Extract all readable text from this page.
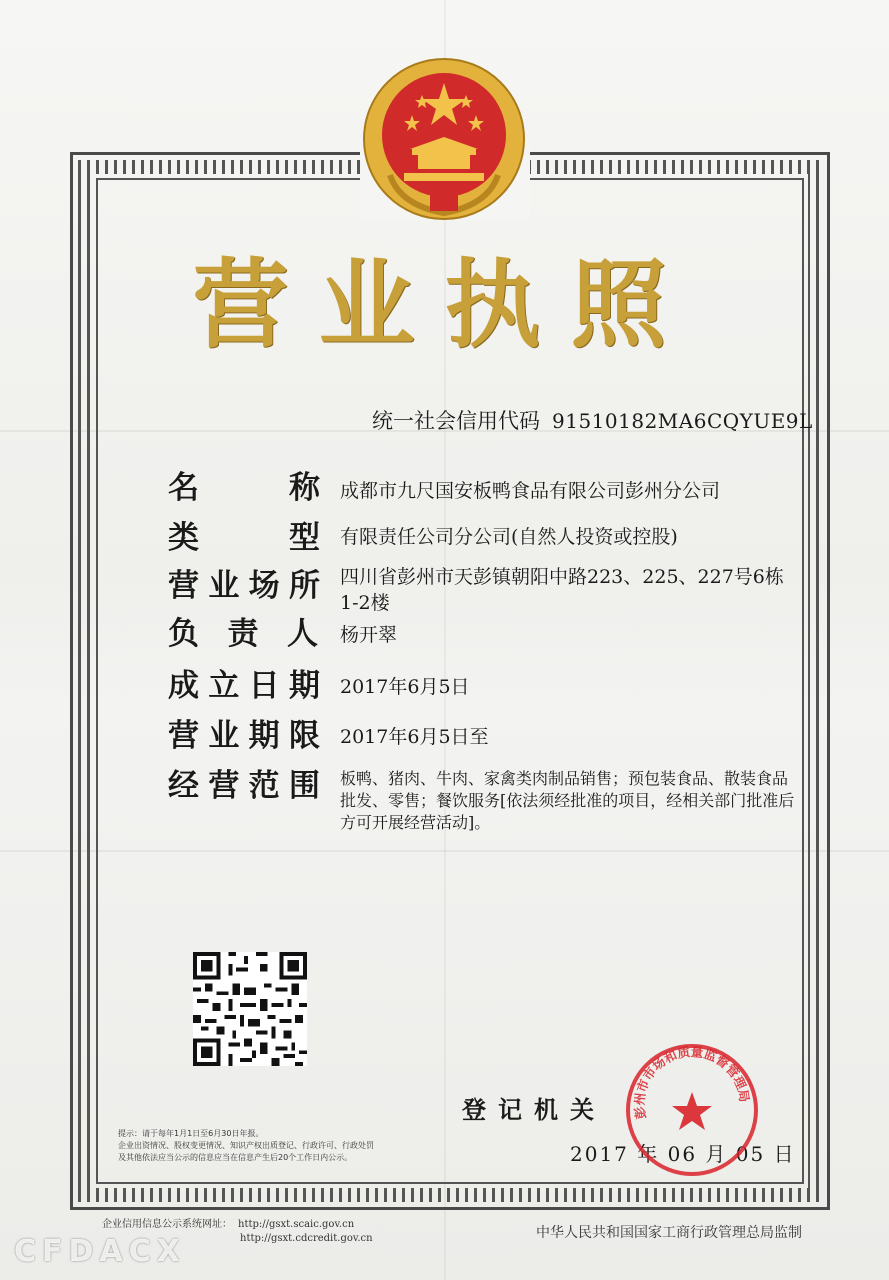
营业执照
统一社会信用代码 91510182MA6CQYUE9L
名	称 成都市九尺国安板鸭食品有限公司彭州分公司
类	型 有限责任公司分公司(自然人投资或控股)
营 业 场 所 四川省彭州市天彭镇朝阳中路223、225、227号6栋1-2楼
负 责 人 杨开翠
成 立 日 期 2017年6月5日
营 业 期 限 2017年6月5日至
经 营 范 围 板鸭、猪肉、牛肉、家禽类肉制品销售；预包装食品、散装食品批发、零售；餐饮服务[依法须经批准的项目，经相关部门批准后方可开展经营活动]。
登记机关
2017 年 06 月 05 日
彭州市市场和质量监督管理局
提示：请于每年1月1日至6月30日年报。
企业出资情况、股权变更情况、知识产权出质登记、行政许可、行政处罚
及其他依法应当公示的信息应当在信息产生后20个工作日内公示。
企业信用信息公示系统网址： http://gsxt.scaic.gov.cn
http://gsxt.cdcredit.gov.cn	中华人民共和国国家工商行政管理总局监制
CFDACX
